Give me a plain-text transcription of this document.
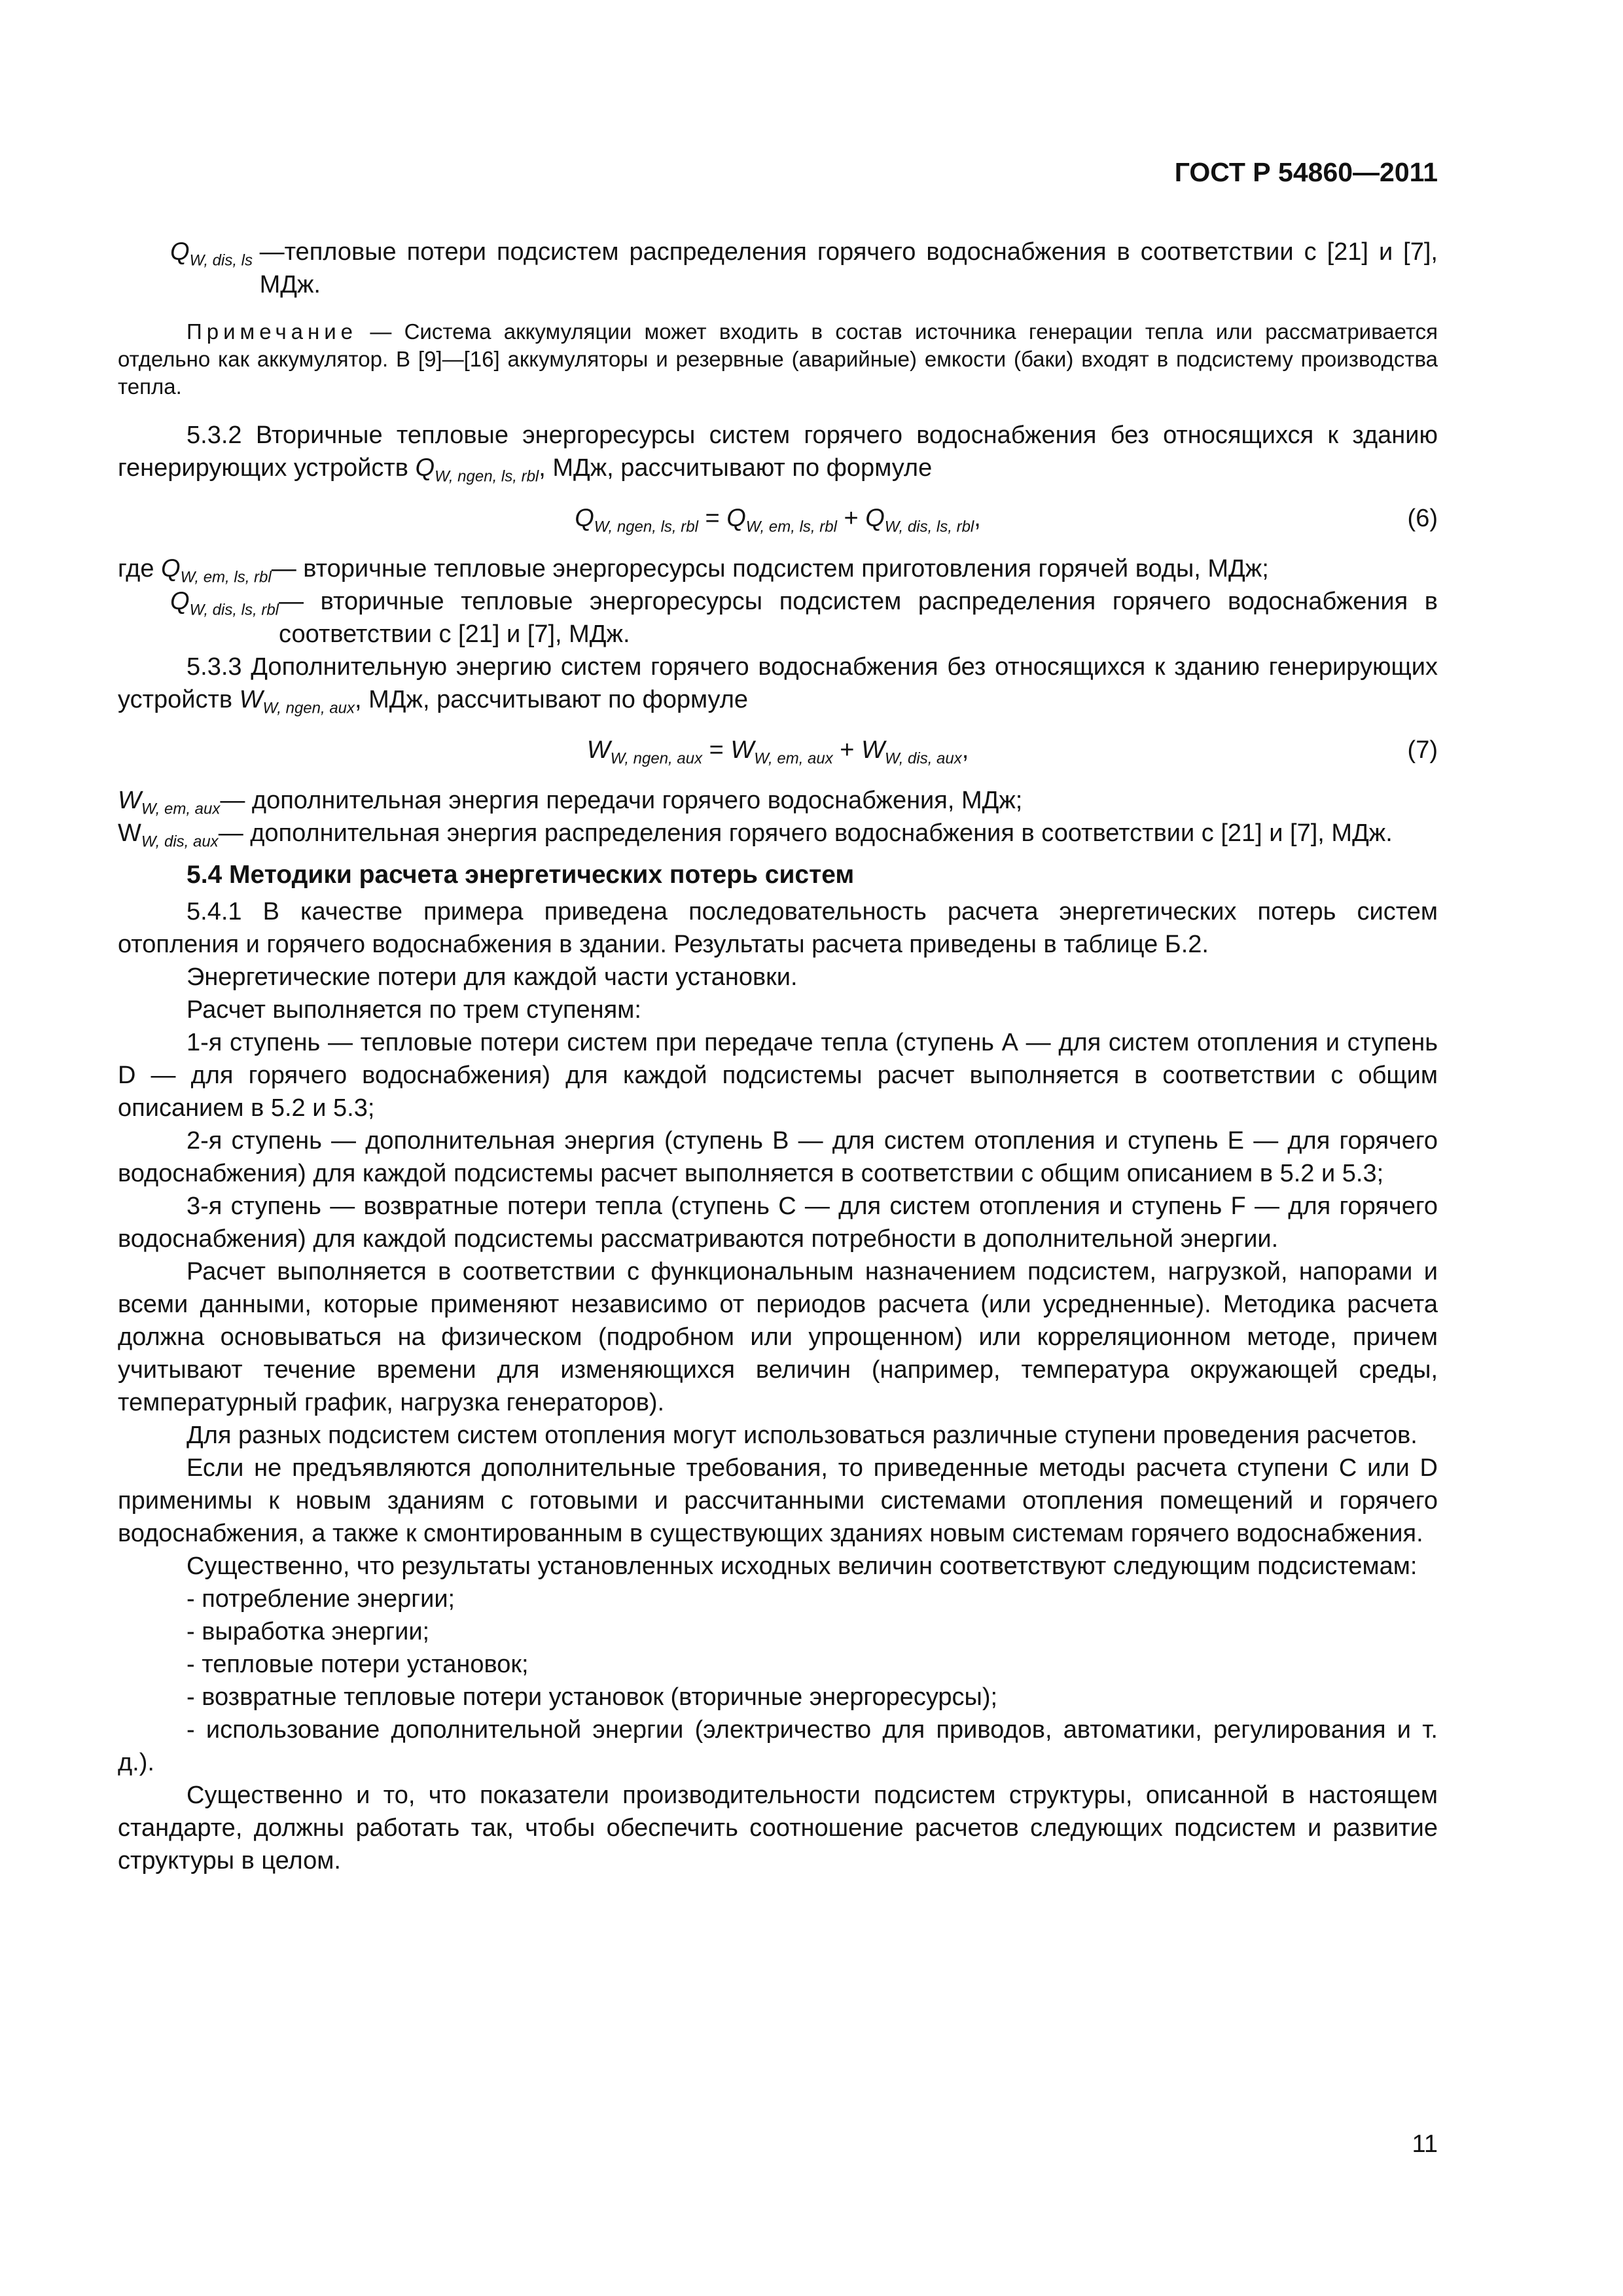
ГОСТ Р 54860—2011
$Q_{W, dis, ls}$ —тепловые потери подсистем распределения горячего водоснабжения в соответствии с [21] и [7], МДж.

Примечание — Система аккумуляции может входить в состав источника генерации тепла или рассматривается отдельно как аккумулятор. В [9]—[16] аккумуляторы и резервные (аварийные) емкости (баки) входят в подсистему производства тепла.

5.3.2 Вторичные тепловые энергоресурсы систем горячего водоснабжения без относящихся к зданию генерирующих устройств $Q_{W, ngen, ls, rbl}$, МДж, рассчитывают по формуле

$Q_{W, ngen, ls, rbl} = Q_{W, em, ls, rbl} + Q_{W, dis, ls, rbl}$,	(6)
где $Q_{W, em, ls, rbl}$ — вторичные тепловые энергоресурсы подсистем приготовления горячей воды, МДж;
$Q_{W, dis, ls, rbl}$ — вторичные тепловые энергоресурсы подсистем распределения горячего водоснабжения в соответствии с [21] и [7], МДж.

5.3.3 Дополнительную энергию систем горячего водоснабжения без относящихся к зданию генерирующих устройств $W_{W, ngen, aux}$, МДж, рассчитывают по формуле

$W_{W, ngen, aux} = W_{W, em, aux} + W_{W, dis, aux}$,	(7)
$W_{W, em, aux}$ — дополнительная энергия передачи горячего водоснабжения, МДж;
$W_{W, dis, aux}$ — дополнительная энергия распределения горячего водоснабжения в соответствии с [21] и [7], МДж.
5.4 Методики расчета энергетических потерь систем

5.4.1 В качестве примера приведена последовательность расчета энергетических потерь систем отопления и горячего водоснабжения в здании. Результаты расчета приведены в таблице Б.2.

Энергетические потери для каждой части установки.

Расчет выполняется по трем ступеням:

1-я ступень — тепловые потери систем при передаче тепла (ступень А — для систем отопления и ступень D — для горячего водоснабжения) для каждой подсистемы расчет выполняется в соответствии с общим описанием в 5.2 и 5.3;

2-я ступень — дополнительная энергия (ступень B — для систем отопления и ступень E — для горячего водоснабжения) для каждой подсистемы расчет выполняется в соответствии с общим описанием в 5.2 и 5.3;

3-я ступень — возвратные потери тепла (ступень C — для систем отопления и ступень F — для горячего водоснабжения) для каждой подсистемы рассматриваются потребности в дополнительной энергии.

Расчет выполняется в соответствии с функциональным назначением подсистем, нагрузкой, напорами и всеми данными, которые применяют независимо от периодов расчета (или усредненные). Методика расчета должна основываться на физическом (подробном или упрощенном) или корреляционном методе, причем учитывают течение времени для изменяющихся величин (например, температура окружающей среды, температурный график, нагрузка генераторов).

Для разных подсистем систем отопления могут использоваться различные ступени проведения расчетов.

Если не предъявляются дополнительные требования, то приведенные методы расчета ступени C или D применимы к новым зданиям с готовыми и рассчитанными системами отопления помещений и горячего водоснабжения, а также к смонтированным в существующих зданиях новым системам горячего водоснабжения.

Существенно, что результаты установленных исходных величин соответствуют следующим подсистемам:

- потребление энергии;

- выработка энергии;

- тепловые потери установок;

- возвратные тепловые потери установок (вторичные энергоресурсы);

- использование дополнительной энергии (электричество для приводов, автоматики, регулирования и т. д.).

Существенно и то, что показатели производительности подсистем структуры, описанной в настоящем стандарте, должны работать так, чтобы обеспечить соотношение расчетов следующих подсистем и развитие структуры в целом.

11
